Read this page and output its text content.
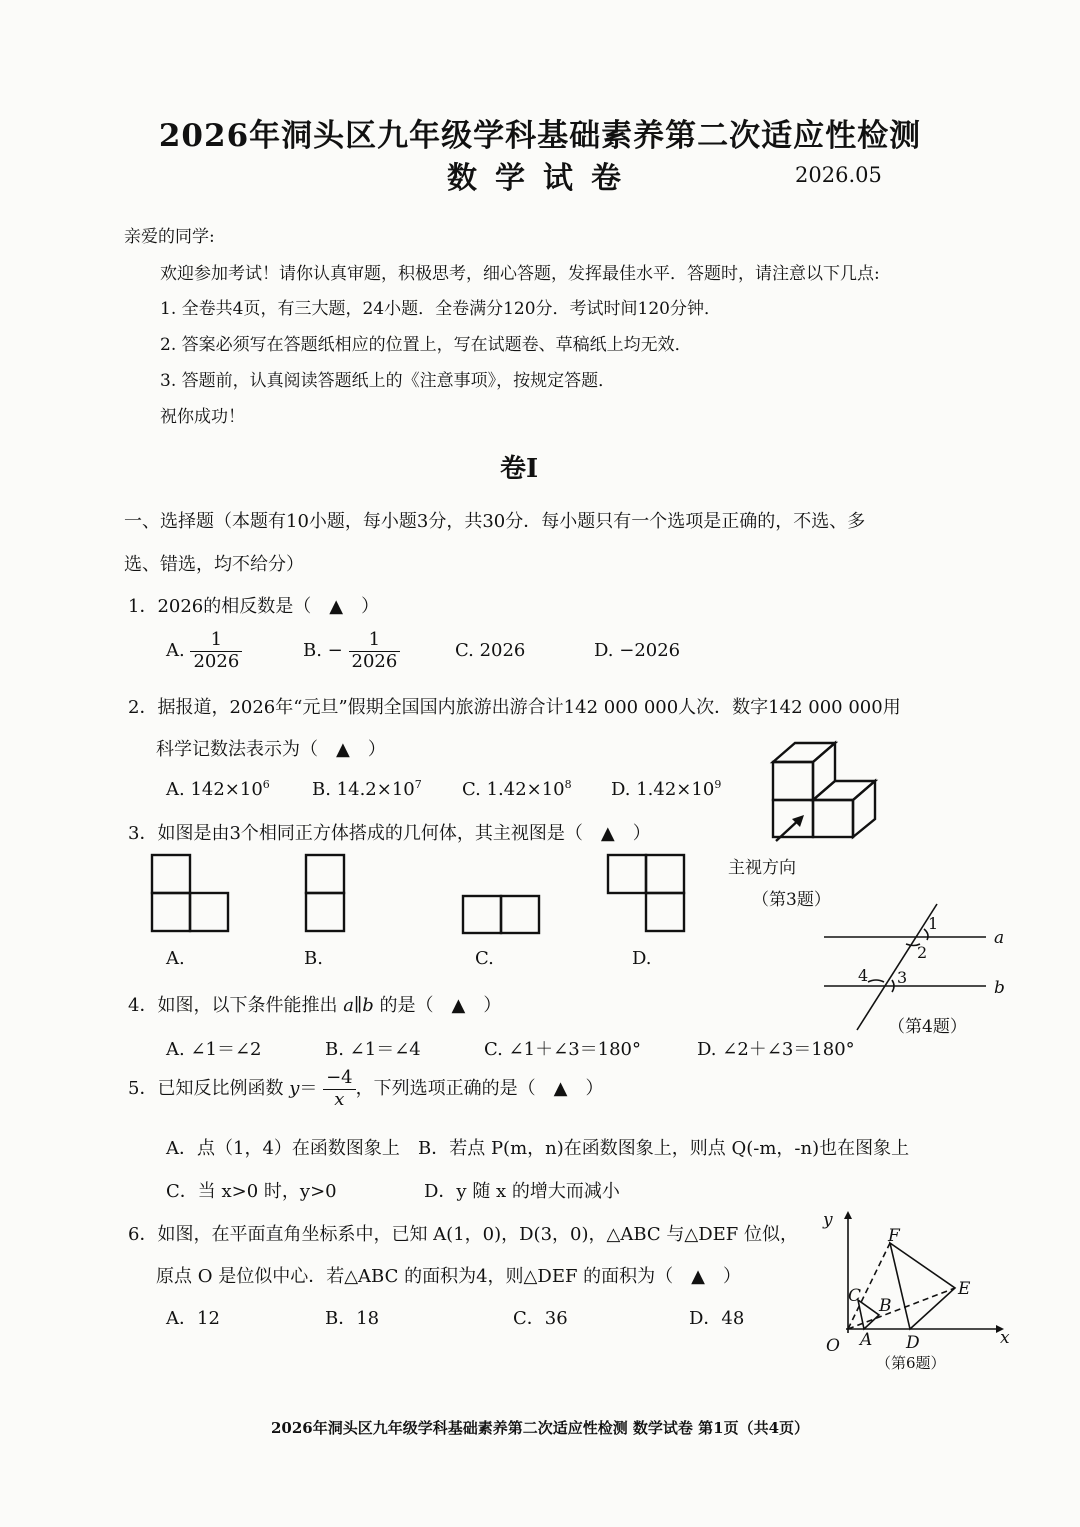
2026年洞头区九年级学科基础素养第二次适应性检测
数学试卷	2026.05
亲爱的同学:
欢迎参加考试！请你认真审题，积极思考，细心答题，发挥最佳水平．答题时，请注意以下几点:
1. 全卷共4页，有三大题，24小题．全卷满分120分．考试时间120分钟．
2. 答案必须写在答题纸相应的位置上，写在试题卷、草稿纸上均无效．
3. 答题前，认真阅读答题纸上的《注意事项》，按规定答题．
祝你成功！
卷Ⅰ
一、选择题（本题有10小题，每小题3分，共30分．每小题只有一个选项是正确的，不选、多
选、错选，均不给分）
1．2026的相反数是（　▲　）
A. $\frac{1}{2026}$	B. − $\frac{1}{2026}$	C. 2026	D. −2026
2．据报道，2026年“元旦”假期全国国内旅游出游合计142 000 000人次．数字142 000 000用
科学记数法表示为（　▲　）
A. $142\times 10^6$ B. $14.2\times 10^7$ C. $1.42\times 10^8$ D. $1.42\times 10^9$
主视方向
（第3题）
3．如图是由3个相同正方体搭成的几何体，其主视图是（　▲　）
A.	B.	C.	D.
1
2
3
4
a
b
（第4题）
4．如图，以下条件能推出 a∥b 的是（　▲　）
A. ∠1＝∠2	B. ∠1＝∠4	C. ∠1＋∠3＝180°	D. ∠2＋∠3＝180°
5．已知反比例函数 $y= \frac{-4}{x}$ ，下列选项正确的是（　▲　）
A．点（1，4）在函数图象上 B．若点 P(m，n)在函数图象上，则点 Q(-m，-n)也在图象上
C．当 x>0 时，y>0	D．y 随 x 的增大而减小
6．如图，在平面直角坐标系中，已知 A(1，0)，D(3，0)，△ABC 与△DEF 位似，
原点 O 是位似中心．若△ABC 的面积为4，则△DEF 的面积为（　▲　）
A．12	B．18	C．36	D．48
y
x
O A
B
C
D
E
F
（第6题）
2026年洞头区九年级学科基础素养第二次适应性检测 数学试卷 第1页（共4页）
